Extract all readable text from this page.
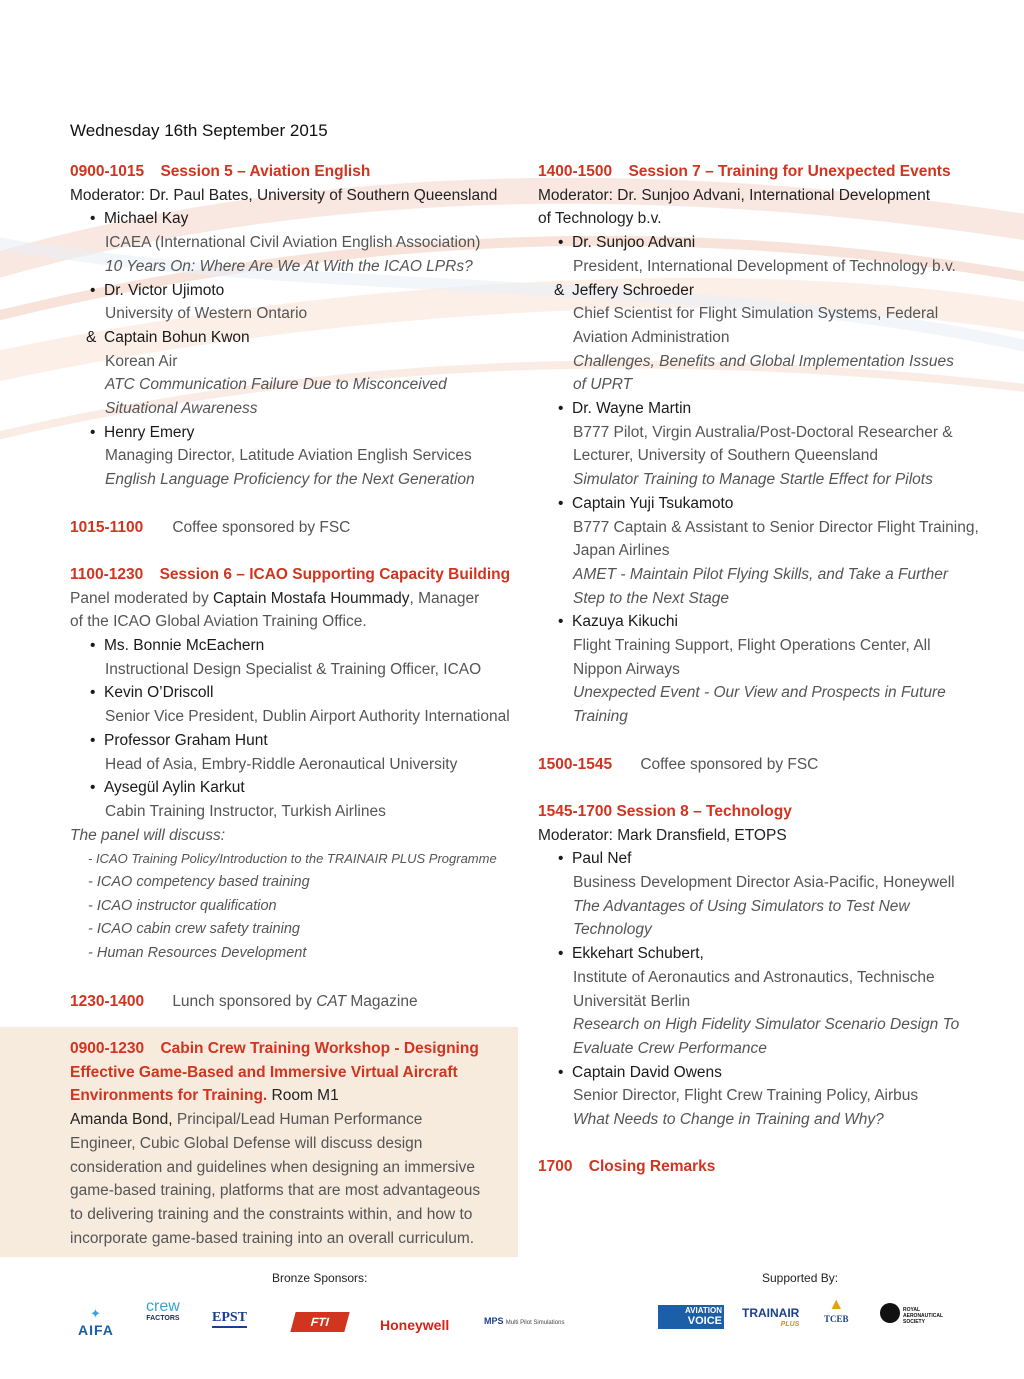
Wednesday 16th September 2015
0900-1015 Session 5 – Aviation English
Moderator: Dr. Paul Bates, University of Southern Queensland
• Michael Kay
ICAEA (International Civil Aviation English Association)
10 Years On: Where Are We At With the ICAO LPRs?
• Dr. Victor Ujimoto
University of Western Ontario
& Captain Bohun Kwon
Korean Air
ATC Communication Failure Due to Misconceived
Situational Awareness
• Henry Emery
Managing Director, Latitude Aviation English Services
English Language Proficiency for the Next Generation
1015-1100 Coffee sponsored by FSC
1100-1230 Session 6 – ICAO Supporting Capacity Building
Panel moderated by Captain Mostafa Hoummady, Manager
of the ICAO Global Aviation Training Office.
• Ms. Bonnie McEachern
Instructional Design Specialist & Training Officer, ICAO
• Kevin O’Driscoll
Senior Vice President, Dublin Airport Authority International
• Professor Graham Hunt
Head of Asia, Embry-Riddle Aeronautical University
• Aysegül Aylin Karkut
Cabin Training Instructor, Turkish Airlines
The panel will discuss:
- ICAO Training Policy/Introduction to the TRAINAIR PLUS Programme
- ICAO competency based training
- ICAO instructor qualification
- ICAO cabin crew safety training
- Human Resources Development
1230-1400 Lunch sponsored by CAT Magazine
0900-1230 Cabin Crew Training Workshop - Designing
Effective Game-Based and Immersive Virtual Aircraft
Environments for Training. Room M1
Amanda Bond, Principal/Lead Human Performance
Engineer, Cubic Global Defense will discuss design
consideration and guidelines when designing an immersive
game-based training, platforms that are most advantageous
to delivering training and the constraints within, and how to
incorporate game-based training into an overall curriculum.
1400-1500 Session 7 – Training for Unexpected Events
Moderator: Dr. Sunjoo Advani, International Development
of Technology b.v.
• Dr. Sunjoo Advani
President, International Development of Technology b.v.
& Jeffery Schroeder
Chief Scientist for Flight Simulation Systems, Federal
Aviation Administration
Challenges, Benefits and Global Implementation Issues
of UPRT
• Dr. Wayne Martin
B777 Pilot, Virgin Australia/Post-Doctoral Researcher &
Lecturer, University of Southern Queensland
Simulator Training to Manage Startle Effect for Pilots
• Captain Yuji Tsukamoto
B777 Captain & Assistant to Senior Director Flight Training,
Japan Airlines
AMET - Maintain Pilot Flying Skills, and Take a Further
Step to the Next Stage
• Kazuya Kikuchi
Flight Training Support, Flight Operations Center, All
Nippon Airways
Unexpected Event - Our View and Prospects in Future
Training
1500-1545 Coffee sponsored by FSC
1545-1700 Session 8 – Technology
Moderator: Mark Dransfield, ETOPS
• Paul Nef
Business Development Director Asia-Pacific, Honeywell
The Advantages of Using Simulators to Test New
Technology
• Ekkehart Schubert,
Institute of Aeronautics and Astronautics, Technische
Universität Berlin
Research on High Fidelity Simulator Scenario Design To
Evaluate Crew Performance
• Captain David Owens
Senior Director, Flight Crew Training Policy, Airbus
What Needs to Change in Training and Why?
1700 Closing Remarks
Bronze Sponsors:	Supported By:
✦
AIFA
crew
FACTORS EPST	FTI	Honeywell	MPS Multi Pilot Simulations
AVIATION
VOICE
TRAINAIR
PLUS
▲
TCEB
ROYAL AERONAUTICAL SOCIETY
